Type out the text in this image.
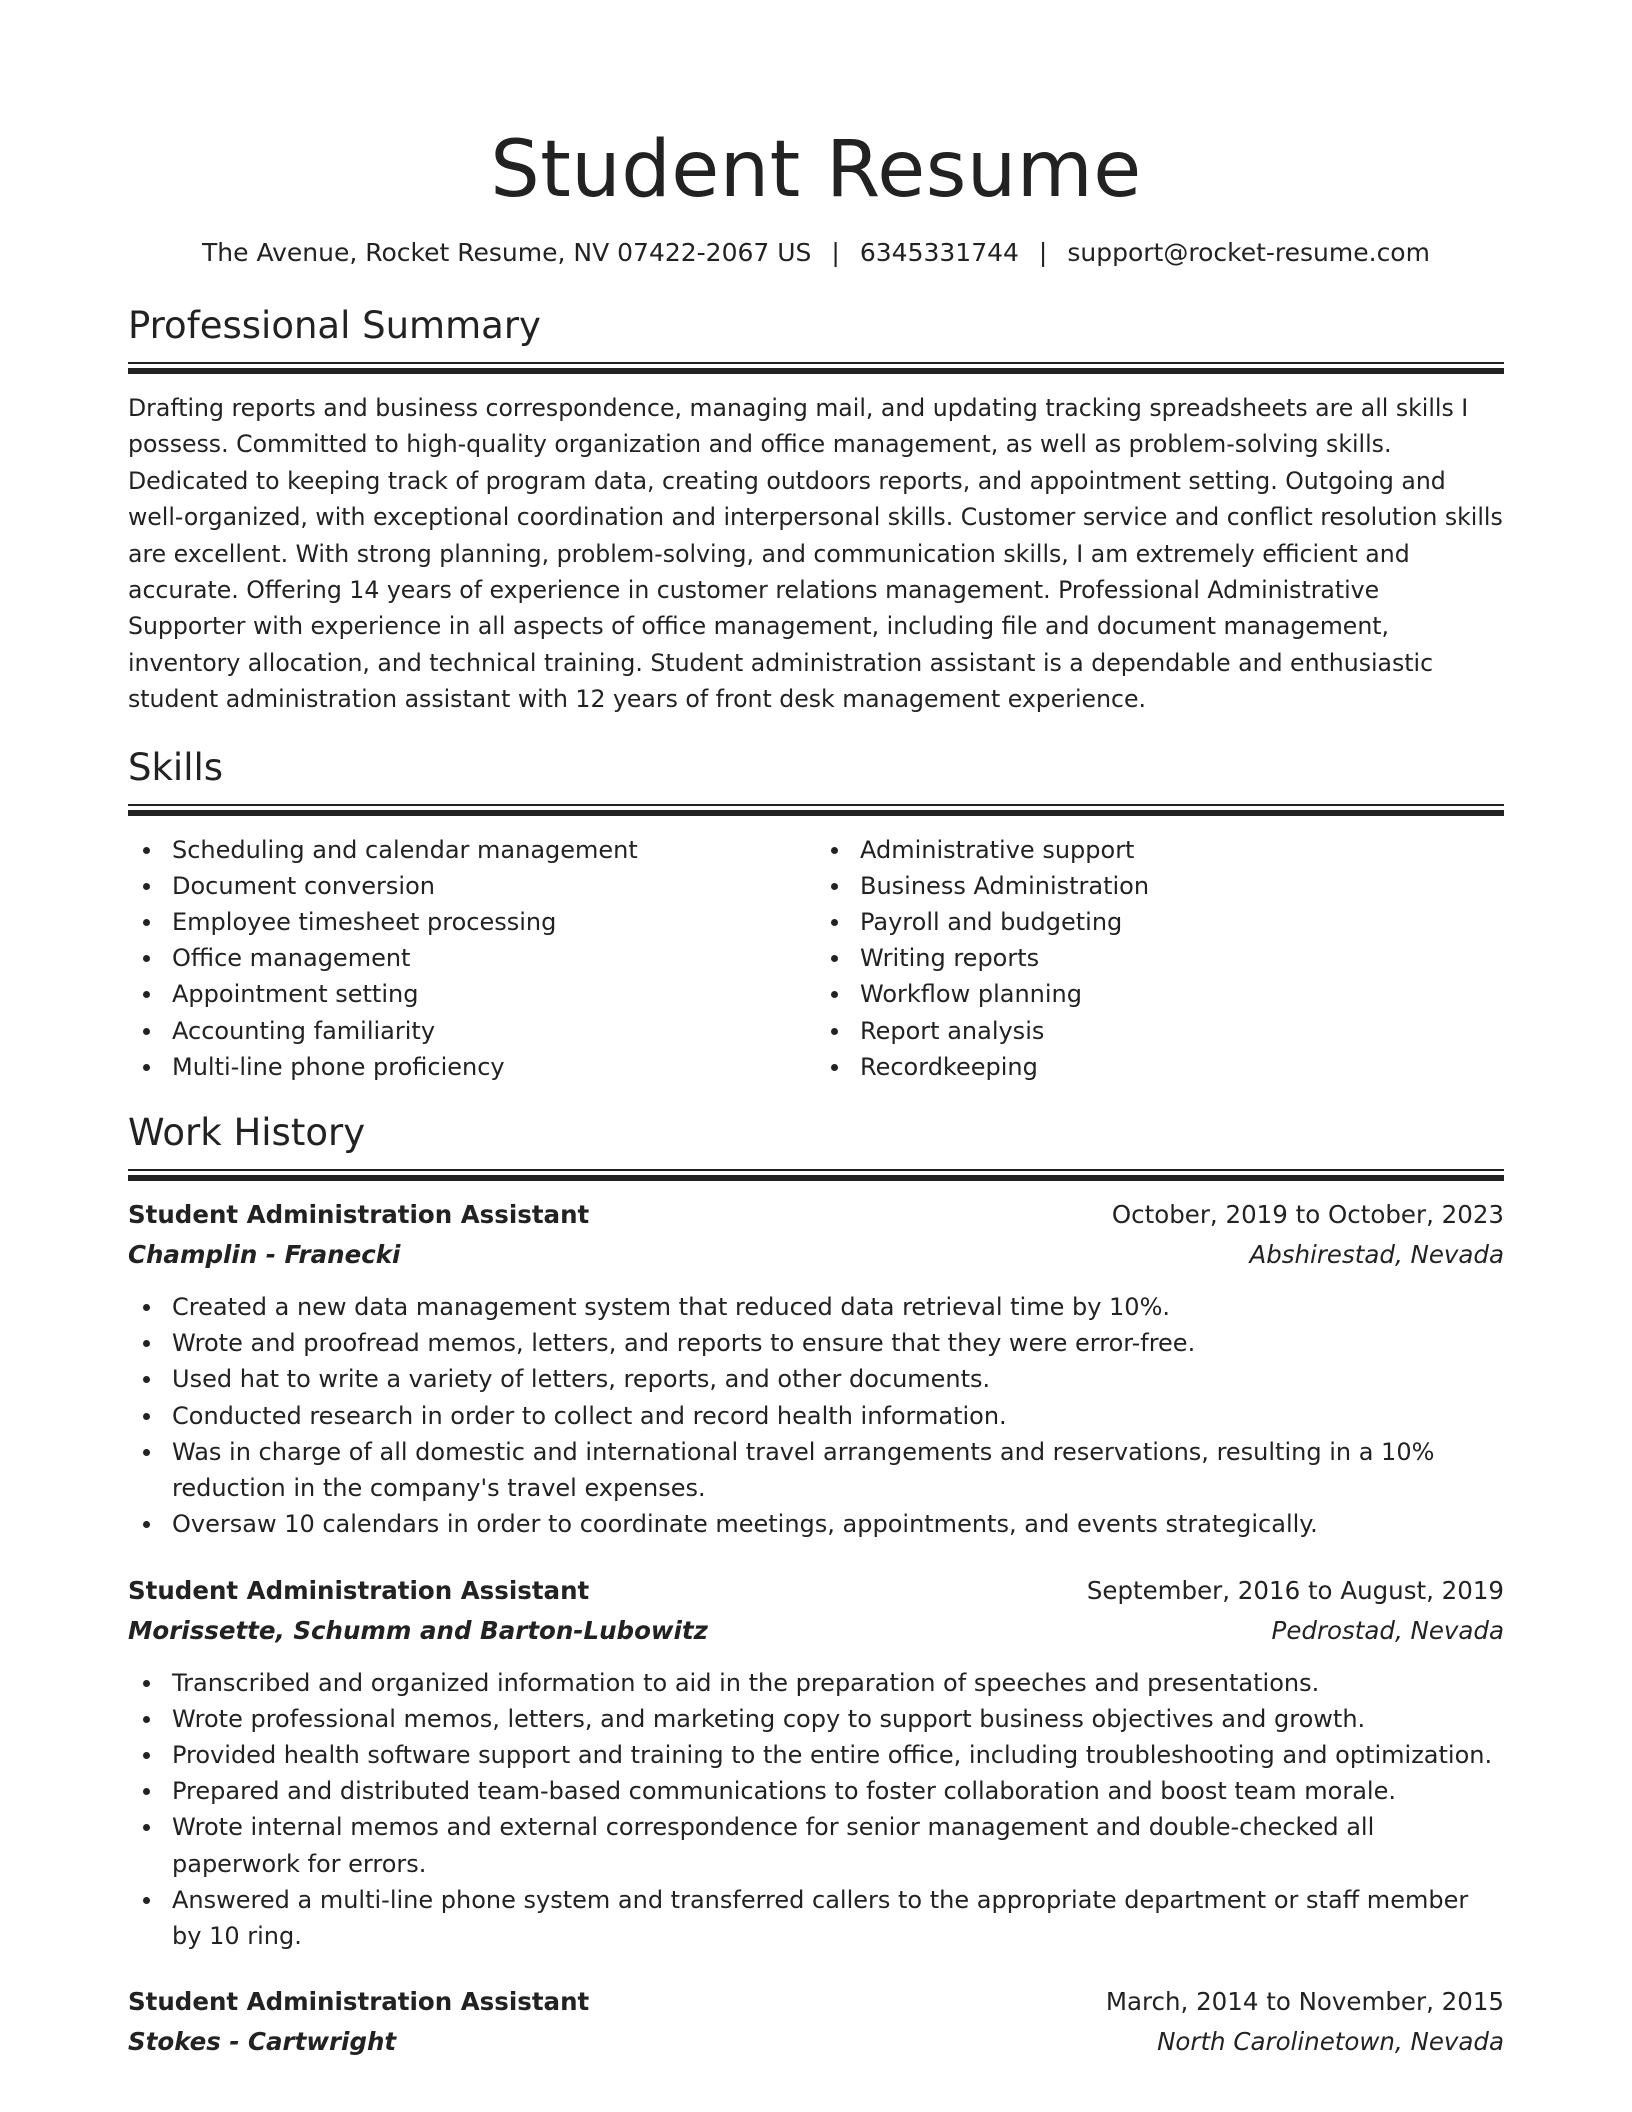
Student Resume
The Avenue, Rocket Resume, NV 07422-2067 US | 6345331744 | support@rocket-resume.com
Professional Summary

Drafting reports and business correspondence, managing mail, and updating tracking spreadsheets are all skills I possess. Committed to high-quality organization and office management, as well as problem-solving skills. Dedicated to keeping track of program data, creating outdoors reports, and appointment setting. Outgoing and well-organized, with exceptional coordination and interpersonal skills. Customer service and conflict resolution skills are excellent. With strong planning, problem-solving, and communication skills, I am extremely efficient and accurate. Offering 14 years of experience in customer relations management. Professional Administrative Supporter with experience in all aspects of office management, including file and document management, inventory allocation, and technical training. Student administration assistant is a dependable and enthusiastic student administration assistant with 12 years of front desk management experience.

Skills
Scheduling and calendar management
Document conversion
Employee timesheet processing
Office management
Appointment setting
Accounting familiarity
Multi-line phone proficiency
Administrative support
Business Administration
Payroll and budgeting
Writing reports
Workflow planning
Report analysis
Recordkeeping
Work History
Student Administration Assistant	October, 2019 to October, 2023
Champlin - Franecki	Abshirestad, Nevada
Created a new data management system that reduced data retrieval time by 10%.
Wrote and proofread memos, letters, and reports to ensure that they were error-free.
Used hat to write a variety of letters, reports, and other documents.
Conducted research in order to collect and record health information.
Was in charge of all domestic and international travel arrangements and reservations, resulting in a 10% reduction in the company's travel expenses.
Oversaw 10 calendars in order to coordinate meetings, appointments, and events strategically.
Student Administration Assistant	September, 2016 to August, 2019
Morissette, Schumm and Barton-Lubowitz	Pedrostad, Nevada
Transcribed and organized information to aid in the preparation of speeches and presentations.
Wrote professional memos, letters, and marketing copy to support business objectives and growth.
Provided health software support and training to the entire office, including troubleshooting and optimization.
Prepared and distributed team-based communications to foster collaboration and boost team morale.
Wrote internal memos and external correspondence for senior management and double-checked all paperwork for errors.
Answered a multi-line phone system and transferred callers to the appropriate department or staff member by 10 ring.
Student Administration Assistant	March, 2014 to November, 2015
Stokes - Cartwright	North Carolinetown, Nevada
